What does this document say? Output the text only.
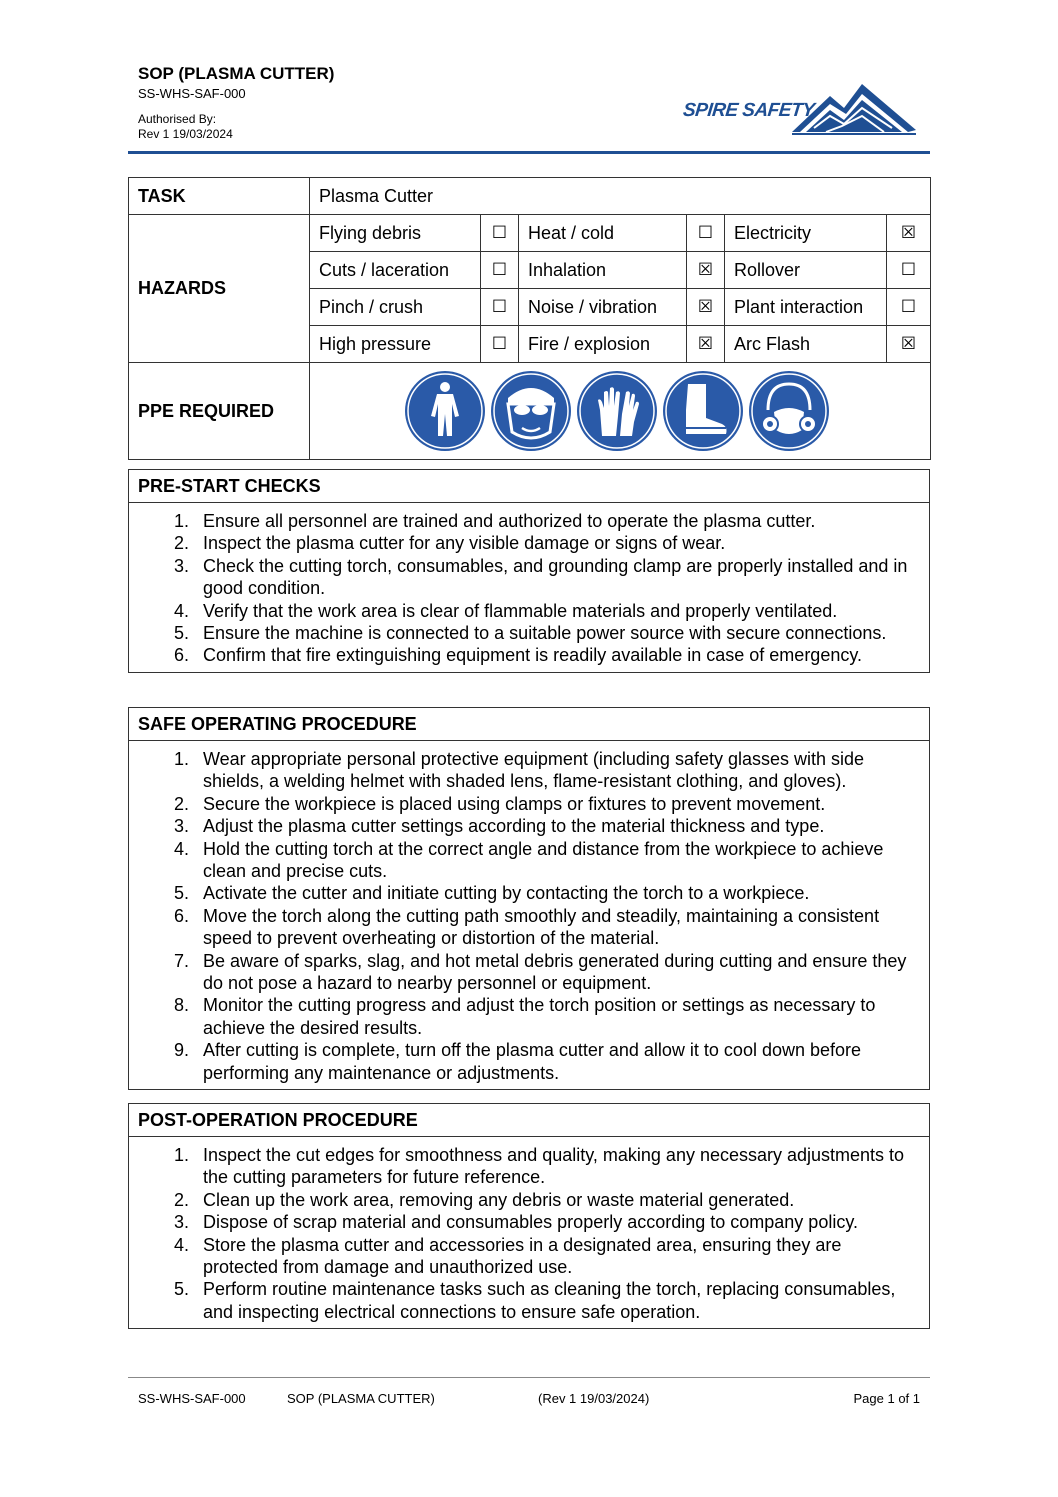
SOP (PLASMA CUTTER)
SS-WHS-SAF-000
Authorised By:
Rev 1 19/03/2024
SPIRE SAFETY
TASK	Plasma Cutter					
HAZARDS	Flying debris	☐	Heat / cold	☐	Electricity	☒
	Cuts / laceration	☐	Inhalation	☒	Rollover	☐
	Pinch / crush	☐	Noise / vibration	☒	Plant interaction	☐
	High pressure	☐	Fire / explosion	☒	Arc Flash	☒
PPE REQUIRED	
PRE-START CHECKS
1. Ensure all personnel are trained and authorized to operate the plasma cutter.
2. Inspect the plasma cutter for any visible damage or signs of wear.
3. Check the cutting torch, consumables, and grounding clamp are properly installed and in good condition.
4. Verify that the work area is clear of flammable materials and properly ventilated.
5. Ensure the machine is connected to a suitable power source with secure connections.
6. Confirm that fire extinguishing equipment is readily available in case of emergency.
SAFE OPERATING PROCEDURE
1. Wear appropriate personal protective equipment (including safety glasses with side shields, a welding helmet with shaded lens, flame-resistant clothing, and gloves).
2. Secure the workpiece is placed using clamps or fixtures to prevent movement.
3. Adjust the plasma cutter settings according to the material thickness and type.
4. Hold the cutting torch at the correct angle and distance from the workpiece to achieve clean and precise cuts.
5. Activate the cutter and initiate cutting by contacting the torch to a workpiece.
6. Move the torch along the cutting path smoothly and steadily, maintaining a consistent speed to prevent overheating or distortion of the material.
7. Be aware of sparks, slag, and hot metal debris generated during cutting and ensure they do not pose a hazard to nearby personnel or equipment.
8. Monitor the cutting progress and adjust the torch position or settings as necessary to achieve the desired results.
9. After cutting is complete, turn off the plasma cutter and allow it to cool down before performing any maintenance or adjustments.
POST-OPERATION PROCEDURE
1. Inspect the cut edges for smoothness and quality, making any necessary adjustments to the cutting parameters for future reference.
2. Clean up the work area, removing any debris or waste material generated.
3. Dispose of scrap material and consumables properly according to company policy.
4. Store the plasma cutter and accessories in a designated area, ensuring they are protected from damage and unauthorized use.
5. Perform routine maintenance tasks such as cleaning the torch, replacing consumables, and inspecting electrical connections to ensure safe operation.
SS-WHS-SAF-000	SOP (PLASMA CUTTER)	(Rev 1 19/03/2024)	Page 1 of 1
